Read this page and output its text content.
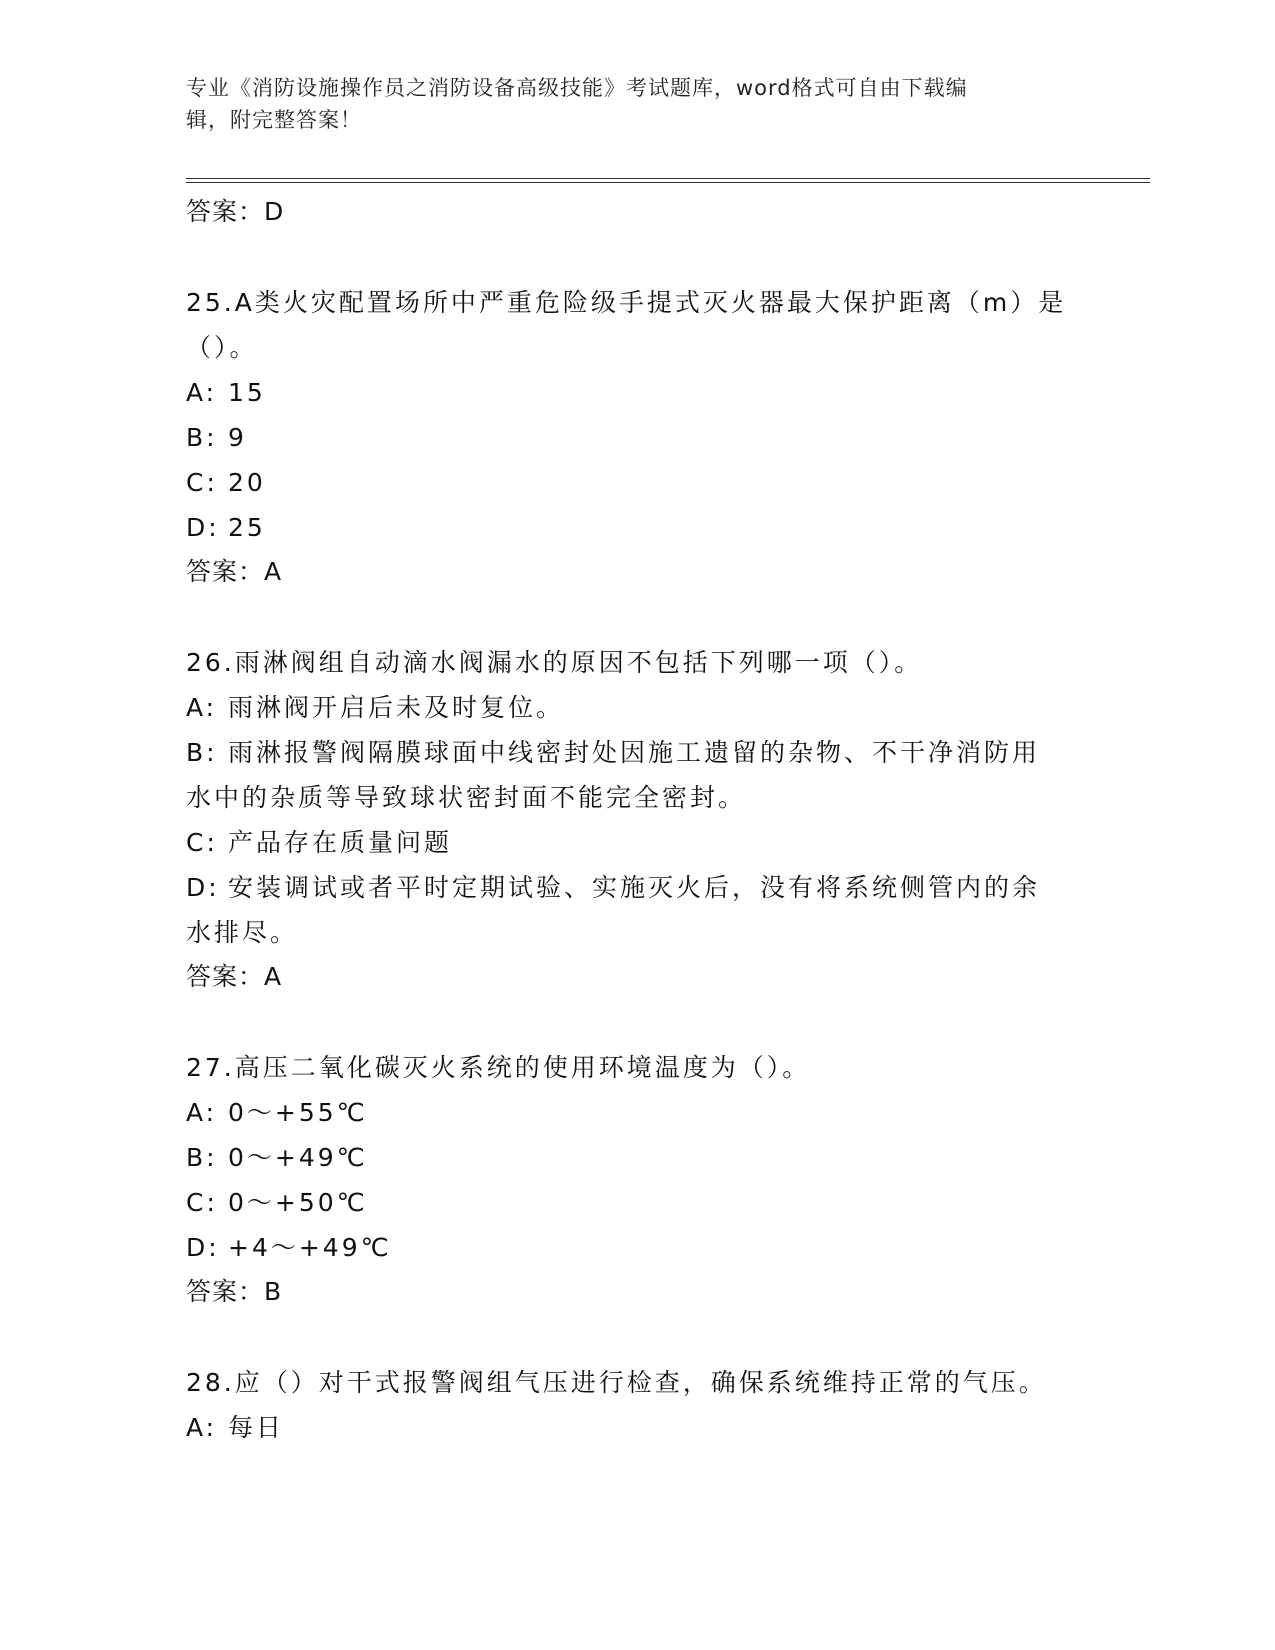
专业《消防设施操作员之消防设备高级技能》考试题库，word格式可自由下载编
辑，附完整答案！

答案：D

25.A类火灾配置场所中严重危险级手提式灭火器最大保护距离（m）是

（）。

A: 15

B: 9

C: 20

D: 25

答案：A

26.雨淋阀组自动滴水阀漏水的原因不包括下列哪一项（）。

A: 雨淋阀开启后未及时复位。

B: 雨淋报警阀隔膜球面中线密封处因施工遗留的杂物、不干净消防用

水中的杂质等导致球状密封面不能完全密封。

C: 产品存在质量问题

D: 安装调试或者平时定期试验、实施灭火后，没有将系统侧管内的余

水排尽。

答案：A

27.高压二氧化碳灭火系统的使用环境温度为（）。

A: 0～+55℃

B: 0～+49℃

C: 0～+50℃

D: +4～+49℃

答案：B

28.应（）对干式报警阀组气压进行检查，确保系统维持正常的气压。

A: 每日
